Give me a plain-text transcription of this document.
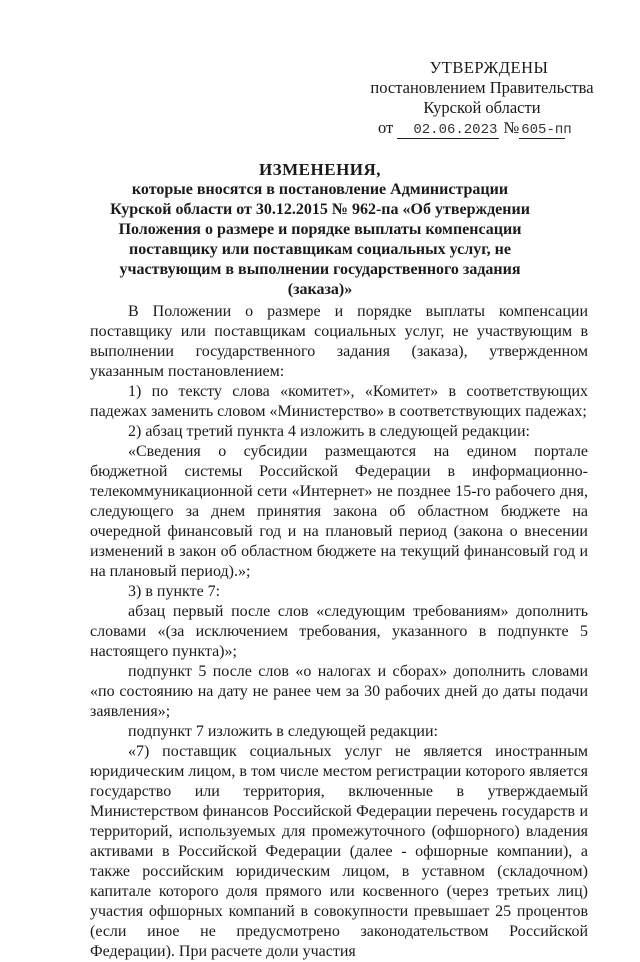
УТВЕРЖДЕНЫ
постановлением Правительства
Курской области
от 02.06.2023 № 605-пп
ИЗМЕНЕНИЯ,
которые вносятся в постановление Администрации Курской области от 30.12.2015 № 962-па «Об утверждении Положения о размере и порядке выплаты компенсации поставщику или поставщикам социальных услуг, не участвующим в выполнении государственного задания (заказа)»

В Положении о размере и порядке выплаты компенсации поставщику или поставщикам социальных услуг, не участвующим в выполнении государственного задания (заказа), утвержденном указанным постановлением:

1) по тексту слова «комитет», «Комитет» в соответствующих падежах заменить словом «Министерство» в соответствующих падежах;

2) абзац третий пункта 4 изложить в следующей редакции:

«Сведения о субсидии размещаются на едином портале бюджетной системы Российской Федерации в информационно-телекоммуникационной сети «Интернет» не позднее 15-го рабочего дня, следующего за днем принятия закона об областном бюджете на очередной финансовый год и на плановый период (закона о внесении изменений в закон об областном бюджете на текущий финансовый год и на плановый период).»;

3) в пункте 7:

абзац первый после слов «следующим требованиям» дополнить словами «(за исключением требования, указанного в подпункте 5 настоящего пункта)»;

подпункт 5 после слов «о налогах и сборах» дополнить словами «по состоянию на дату не ранее чем за 30 рабочих дней до даты подачи заявления»;

подпункт 7 изложить в следующей редакции:

«7) поставщик социальных услуг не является иностранным юридическим лицом, в том числе местом регистрации которого является государство или территория, включенные в утверждаемый Министерством финансов Российской Федерации перечень государств и территорий, используемых для промежуточного (офшорного) владения активами в Российской Федерации (далее - офшорные компании), а также российским юридическим лицом, в уставном (складочном) капитале которого доля прямого или косвенного (через третьих лиц) участия офшорных компаний в совокупности превышает 25 процентов (если иное не предусмотрено законодательством Российской Федерации). При расчете доли участия
